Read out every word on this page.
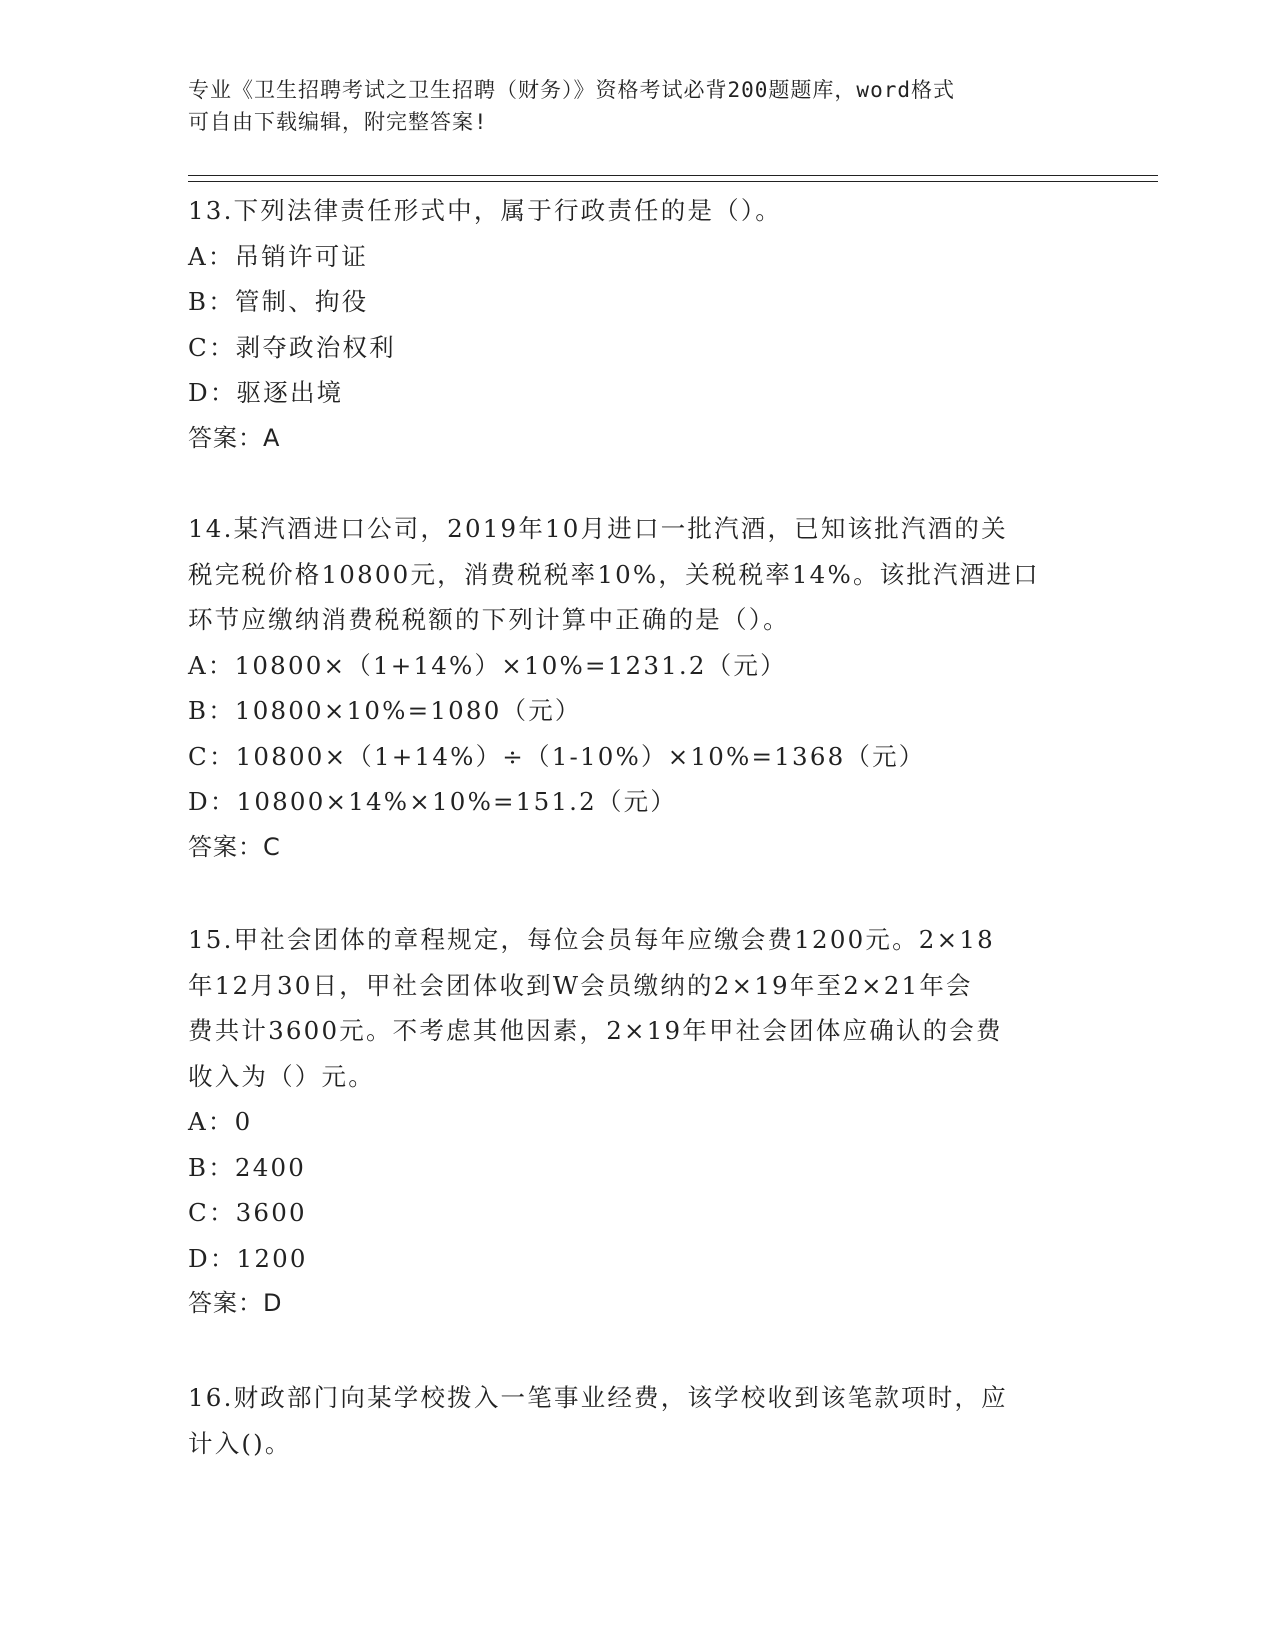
专业《卫生招聘考试之卫生招聘（财务）》资格考试必背200题题库，word格式
可自由下载编辑，附完整答案!
13.下列法律责任形式中，属于行政责任的是（）。
A：吊销许可证
B：管制、拘役
C：剥夺政治权利
D：驱逐出境
答案：A
14.某汽酒进口公司，2019年10月进口一批汽酒，已知该批汽酒的关
税完税价格10800元，消费税税率10%，关税税率14%。该批汽酒进口
环节应缴纳消费税税额的下列计算中正确的是（）。
A：10800×（1+14%）×10%=1231.2（元）
B：10800×10%=1080（元）
C：10800×（1+14%）÷（1-10%）×10%=1368（元）
D：10800×14%×10%=151.2（元）
答案：C
15.甲社会团体的章程规定，每位会员每年应缴会费1200元。2×18
年12月30日，甲社会团体收到W会员缴纳的2×19年至2×21年会
费共计3600元。不考虑其他因素，2×19年甲社会团体应确认的会费
收入为（）元。
A：0
B：2400
C：3600
D：1200
答案：D
16.财政部门向某学校拨入一笔事业经费，该学校收到该笔款项时，应
计入()。
